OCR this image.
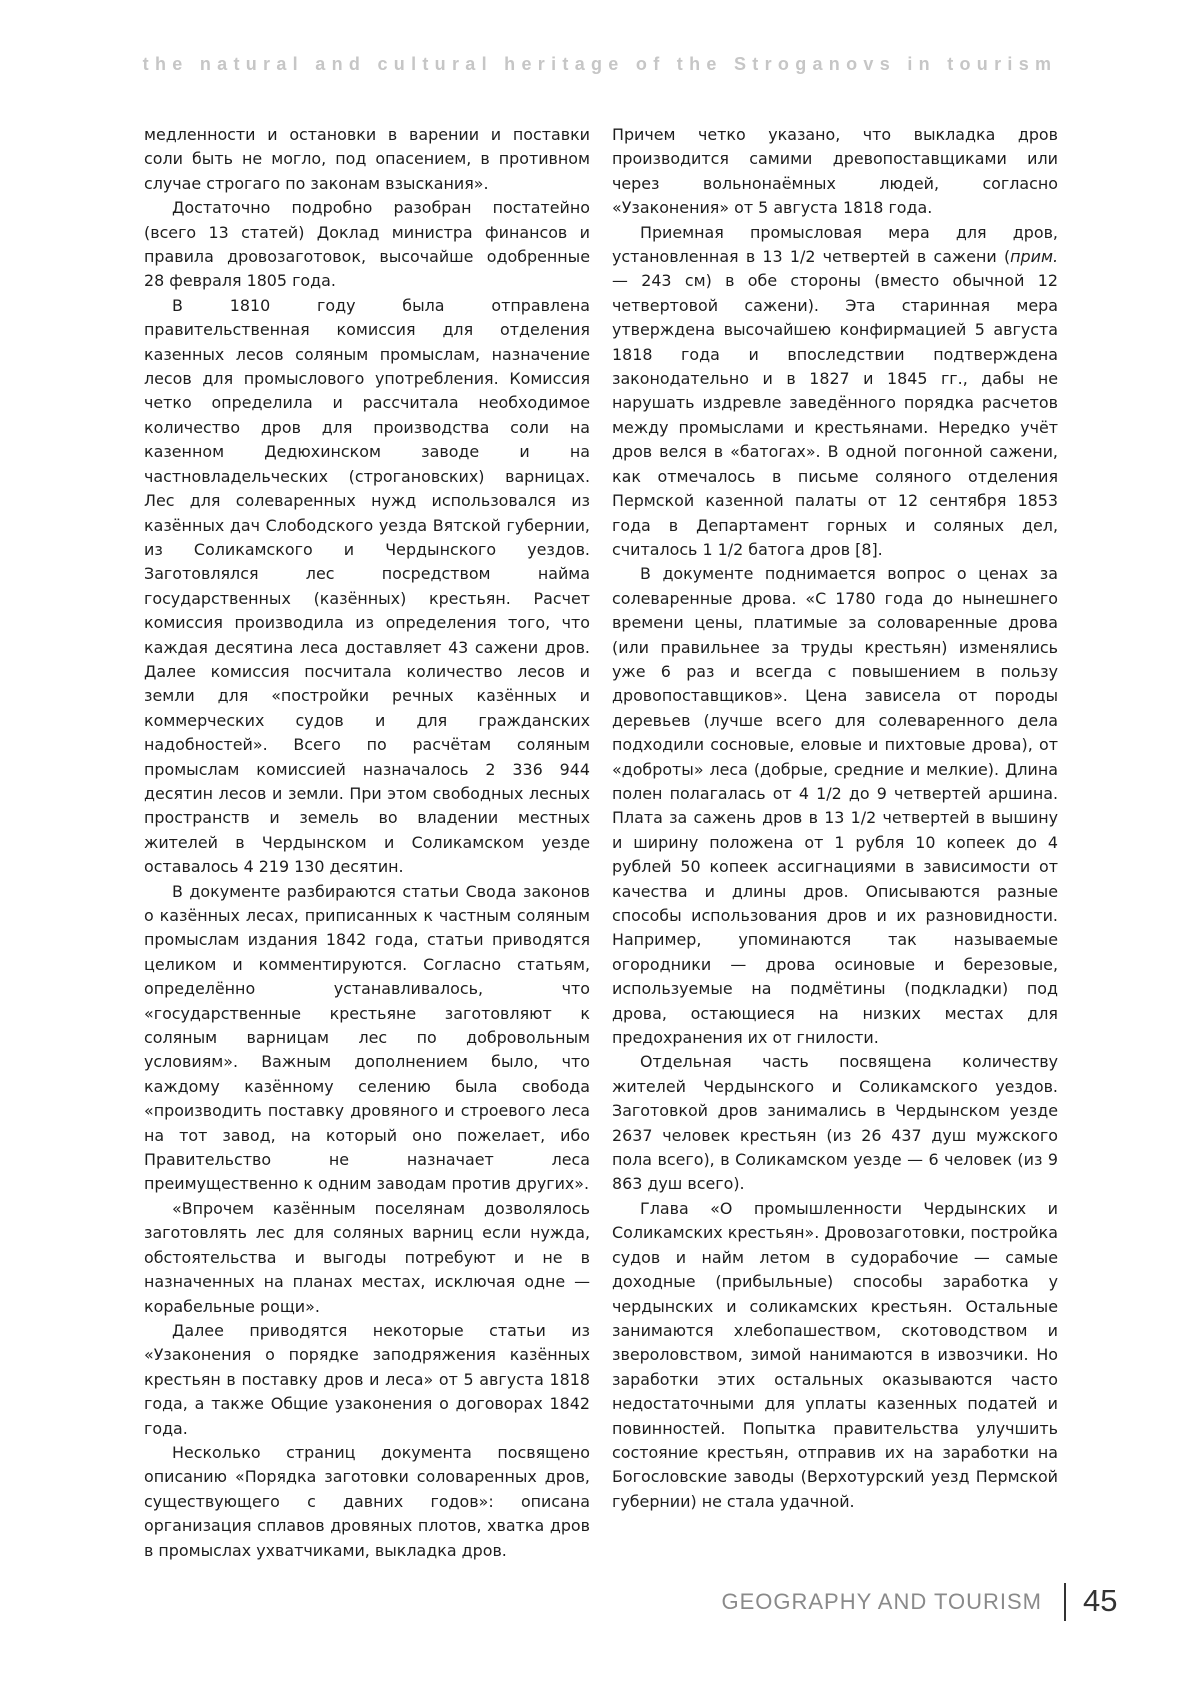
the natural and cultural heritage of the Stroganovs in tourism

медленности и остановки в варении и поставки соли быть не могло, под опасением, в противном случае строгаго по законам взыскания».

Достаточно подробно разобран постатейно (всего 13 статей) Доклад министра финансов и правила дровозаготовок, высочайше одобренные 28 февраля 1805 года.

В 1810 году была отправлена правительственная комиссия для отделения казенных лесов соляным промыслам, назначение лесов для промыслового употребления. Комиссия четко определила и рассчитала необходимое количество дров для производства соли на казенном Дедюхинском заводе и на частновладельческих (строгановских) варницах. Лес для солеваренных нужд использовался из казённых дач Слободского уезда Вятской губернии, из Соликамского и Чердынского уездов. Заготовлялся лес посредством найма государственных (казённых) крестьян. Расчет комиссия производила из определения того, что каждая десятина леса доставляет 43 сажени дров. Далее комиссия посчитала количество лесов и земли для «постройки речных казённых и коммерческих судов и для гражданских надобностей». Всего по расчётам соляным промыслам комиссией назначалось 2 336 944 десятин лесов и земли. При этом свободных лесных пространств и земель во владении местных жителей в Чердынском и Соликамском уезде оставалось 4 219 130 десятин.

В документе разбираются статьи Свода законов о казённых лесах, приписанных к частным соляным промыслам издания 1842 года, статьи приводятся целиком и комментируются. Согласно статьям, определённо устанавливалось, что «государственные крестьяне заготовляют к соляным варницам лес по добровольным условиям». Важным дополнением было, что каждому казённому селению была свобода «производить поставку дровяного и строевого леса на тот завод, на который оно пожелает, ибо Правительство не назначает леса преимущественно к одним заводам против других».

«Впрочем казённым поселянам дозволялось заготовлять лес для соляных варниц если нужда, обстоятельства и выгоды потребуют и не в назначенных на планах местах, исключая одне — корабельные рощи».

Далее приводятся некоторые статьи из «Узаконения о порядке заподряжения казённых крестьян в поставку дров и леса» от 5 августа 1818 года, а также Общие узаконения о договорах 1842 года.

Несколько страниц документа посвящено описанию «Порядка заготовки соловаренных дров, существующего с давних годов»: описана организация сплавов дровяных плотов, хватка дров в промыслах ухватчиками, выкладка дров.

Причем четко указано, что выкладка дров производится самими древопоставщиками или через вольнонаёмных людей, согласно «Узаконения» от 5 августа 1818 года.

Приемная промысловая мера для дров, установленная в 13 1/2 четвертей в сажени (прим. — 243 см) в обе стороны (вместо обычной 12 четвертовой сажени). Эта старинная мера утверждена высочайшею конфирмацией 5 августа 1818 года и впоследствии подтверждена законодательно и в 1827 и 1845 гг., дабы не нарушать издревле заведённого порядка расчетов между промыслами и крестьянами. Нередко учёт дров велся в «батогах». В одной погонной сажени, как отмечалось в письме соляного отделения Пермской казенной палаты от 12 сентября 1853 года в Департамент горных и соляных дел, считалось 1 1/2 батога дров [8].

В документе поднимается вопрос о ценах за солеваренные дрова. «С 1780 года до нынешнего времени цены, платимые за соловаренные дрова (или правильнее за труды крестьян) изменялись уже 6 раз и всегда с повышением в пользу дровопоставщиков». Цена зависела от породы деревьев (лучше всего для солеваренного дела подходили сосновые, еловые и пихтовые дрова), от «доброты» леса (добрые, средние и мелкие). Длина полен полагалась от 4 1/2 до 9 четвертей аршина. Плата за сажень дров в 13 1/2 четвертей в вышину и ширину положена от 1 рубля 10 копеек до 4 рублей 50 копеек ассигнациями в зависимости от качества и длины дров. Описываются разные способы использования дров и их разновидности. Например, упоминаются так называемые огородники — дрова осиновые и березовые, используемые на подмётины (подкладки) под дрова, остающиеся на низких местах для предохранения их от гнилости.

Отдельная часть посвящена количеству жителей Чердынского и Соликамского уездов. Заготовкой дров занимались в Чердынском уезде 2637 человек крестьян (из 26 437 душ мужского пола всего), в Соликамском уезде — 6 человек (из 9 863 душ всего).

Глава «О промышленности Чердынских и Соликамских крестьян». Дровозаготовки, постройка судов и найм летом в судорабочие — самые доходные (прибыльные) способы заработка у чердынских и соликамских крестьян. Остальные занимаются хлебопашеством, скотоводством и звероловством, зимой нанимаются в извозчики. Но заработки этих остальных оказываются часто недостаточными для уплаты казенных податей и повинностей. Попытка правительства улучшить состояние крестьян, отправив их на заработки на Богословские заводы (Верхотурский уезд Пермской губернии) не стала удачной.

GEOGRAPHY AND TOURISM 45
